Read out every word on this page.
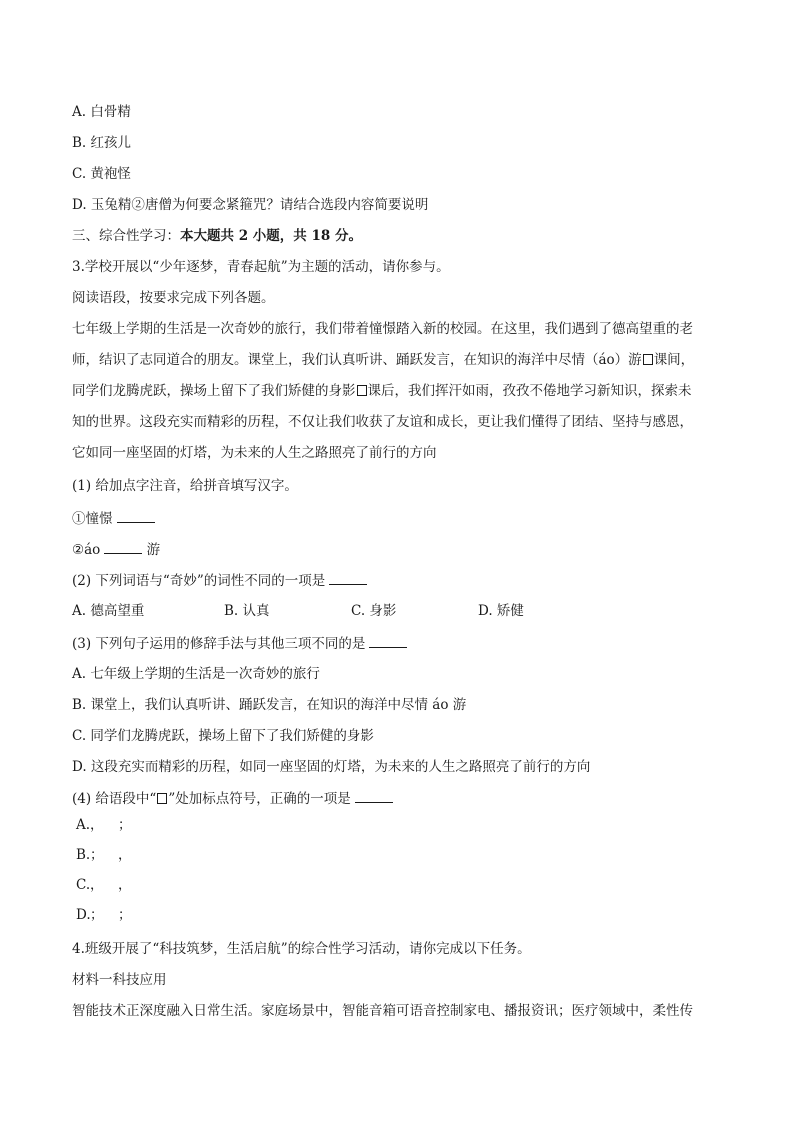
A. 白骨精
B. 红孩儿
C. 黄袍怪
D. 玉兔精②唐僧为何要念紧箍咒？请结合选段内容简要说明
三、综合性学习：本大题共 2 小题，共 18 分。
3.学校开展以“少年逐梦，青春起航”为主题的活动，请你参与。
阅读语段，按要求完成下列各题。
七年级上学期的生活是一次奇妙的旅行，我们带着憧憬踏入新的校园。在这里，我们遇到了德高望重的老
师，结识了志同道合的朋友。课堂上，我们认真听讲、踊跃发言，在知识的海洋中尽情（áo）游 课间，
同学们龙腾虎跃，操场上留下了我们矫健的身影 课后，我们挥汗如雨，孜孜不倦地学习新知识，探索未
知的世界。这段充实而精彩的历程，不仅让我们收获了友谊和成长，更让我们懂得了团结、坚持与感恩，
它如同一座坚固的灯塔，为未来的人生之路照亮了前行的方向
(1) 给加点字注音，给拼音填写汉字。
①憧憬
②áo	游
(2) 下列词语与“奇妙”的词性不同的一项是
A. 德高望重	B. 认真	C. 身影	D. 矫健
(3) 下列句子运用的修辞手法与其他三项不同的是
A. 七年级上学期的生活是一次奇妙的旅行
B. 课堂上，我们认真听讲、踊跃发言，在知识的海洋中尽情 áo 游
C. 同学们龙腾虎跃，操场上留下了我们矫健的身影
D. 这段充实而精彩的历程，如同一座坚固的灯塔，为未来的人生之路照亮了前行的方向
(4) 给语段中“ ”处加标点符号，正确的一项是
A. ， ；
B. ； ，
C. ， ，
D. ； ；
4.班级开展了“科技筑梦，生活启航”的综合性学习活动，请你完成以下任务。
材料一科技应用
智能技术正深度融入日常生活。家庭场景中，智能音箱可语音控制家电、播报资讯；医疗领域中，柔性传
